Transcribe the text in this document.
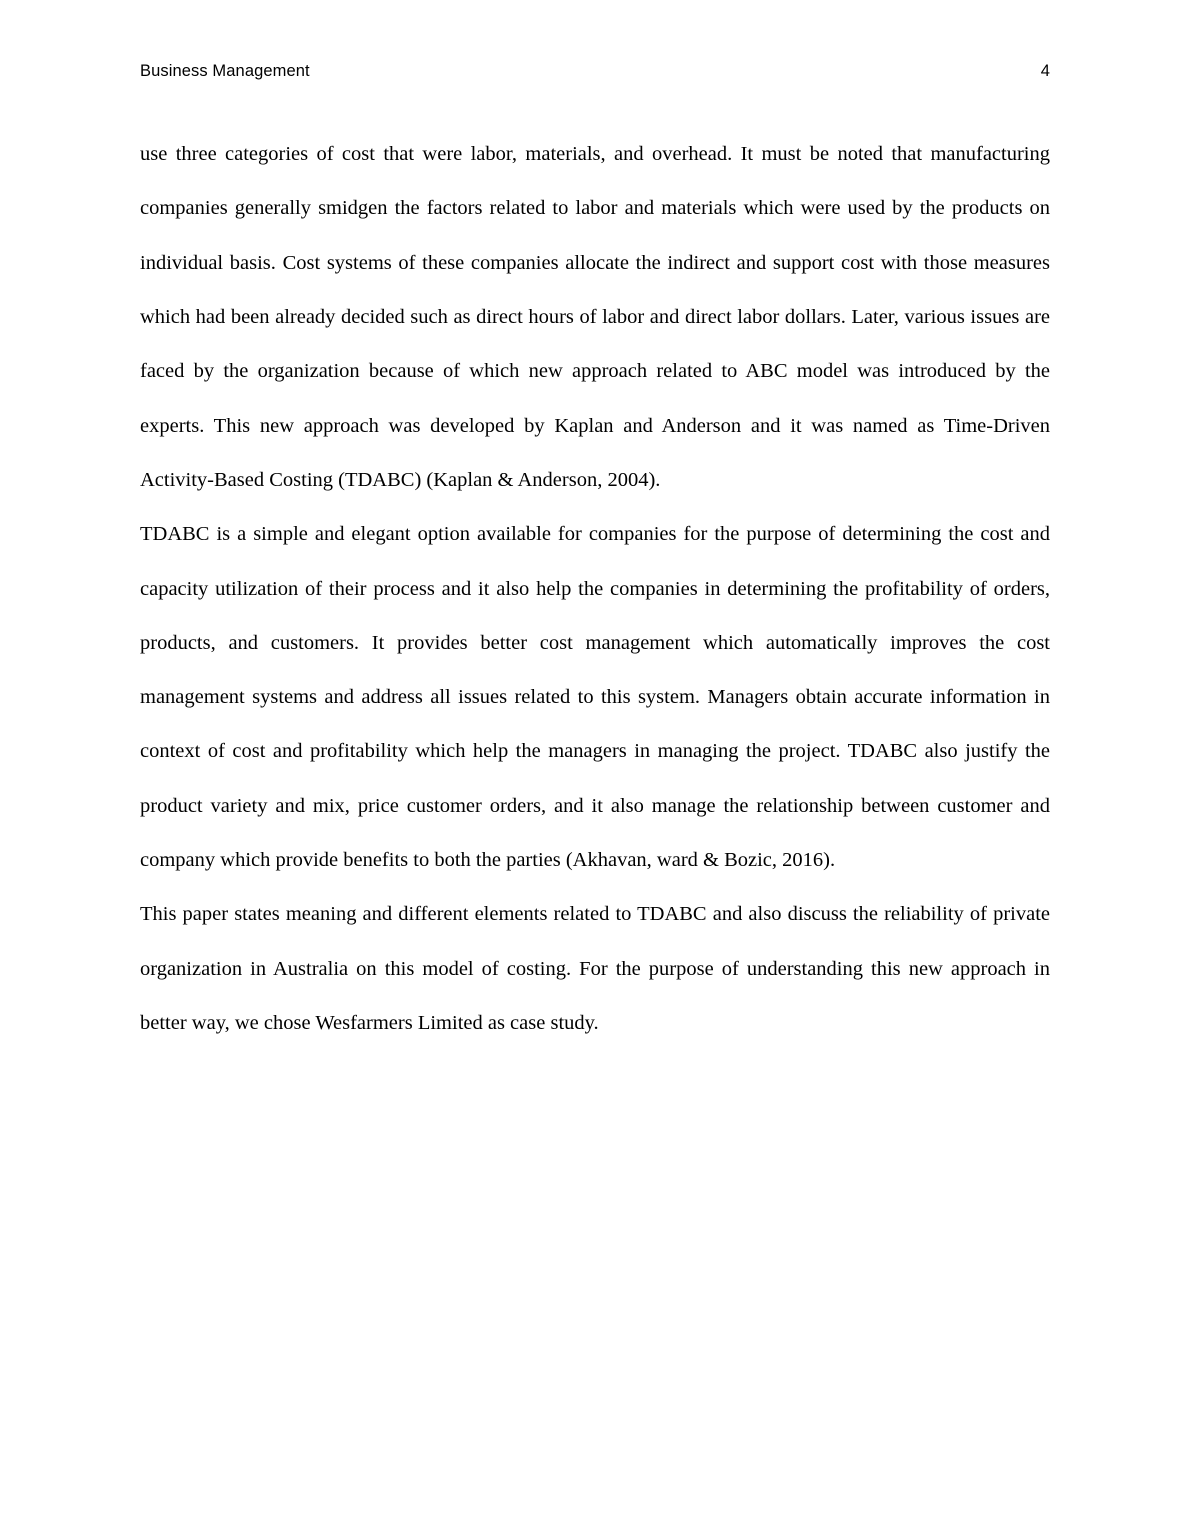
Business Management	4

use three categories of cost that were labor, materials, and overhead. It must be noted that manufacturing companies generally smidgen the factors related to labor and materials which were used by the products on individual basis. Cost systems of these companies allocate the indirect and support cost with those measures which had been already decided such as direct hours of labor and direct labor dollars. Later, various issues are faced by the organization because of which new approach related to ABC model was introduced by the experts. This new approach was developed by Kaplan and Anderson and it was named as Time-Driven Activity-Based Costing (TDABC) (Kaplan & Anderson, 2004).

TDABC is a simple and elegant option available for companies for the purpose of determining the cost and capacity utilization of their process and it also help the companies in determining the profitability of orders, products, and customers. It provides better cost management which automatically improves the cost management systems and address all issues related to this system. Managers obtain accurate information in context of cost and profitability which help the managers in managing the project. TDABC also justify the product variety and mix, price customer orders, and it also manage the relationship between customer and company which provide benefits to both the parties (Akhavan, ward & Bozic, 2016).

This paper states meaning and different elements related to TDABC and also discuss the reliability of private organization in Australia on this model of costing. For the purpose of understanding this new approach in better way, we chose Wesfarmers Limited as case study.
